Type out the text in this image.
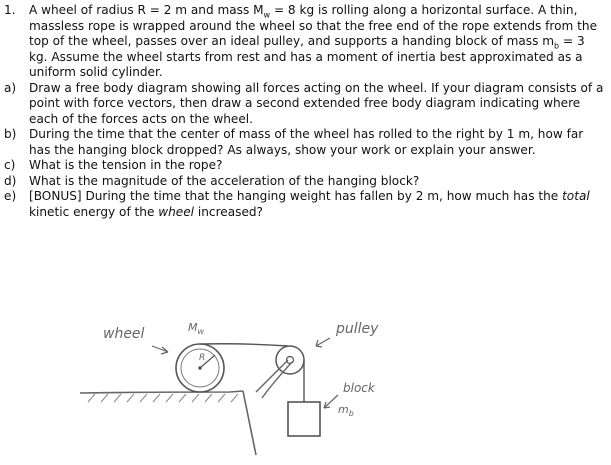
1.	A wheel of radius R = 2 m and mass $M_w = 8$ kg is rolling along a horizontal surface. A thin, massless rope is wrapped around the wheel so that the free end of the rope extends from the top of the wheel, passes over an ideal pulley, and supports a handing block of mass $m_b = 3$ kg. Assume the wheel starts from rest and has a moment of inertia best approximated as a uniform solid cylinder.
a)	Draw a free body diagram showing all forces acting on the wheel. If your diagram consists of a point with force vectors, then draw a second extended free body diagram indicating where each of the forces acts on the wheel.
b)	During the time that the center of mass of the wheel has rolled to the right by 1 m, how far has the hanging block dropped? As always, show your work or explain your answer.
c)	What is the tension in the rope?
d)	What is the magnitude of the acceleration of the hanging block?
e)	[BONUS] During the time that the hanging weight has fallen by 2 m, how much has the total kinetic energy of the wheel increased?
wheel	$M_w$
R
pulley
block
$m_b$
